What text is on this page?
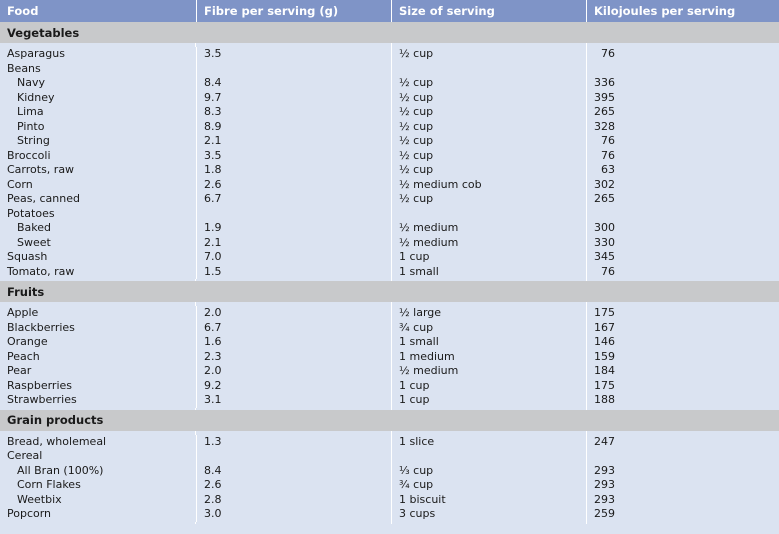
Food	Fibre per serving (g)	Size of serving	Kilojoules per serving
Vegetables
Asparagus	3.5	½ cup	76
Beans
Navy	8.4	½ cup	336
Kidney	9.7	½ cup	395
Lima	8.3	½ cup	265
Pinto	8.9	½ cup	328
String	2.1	½ cup	76
Broccoli	3.5	½ cup	76
Carrots, raw	1.8	½ cup	63
Corn	2.6	½ medium cob	302
Peas, canned	6.7	½ cup	265
Potatoes
Baked	1.9	½ medium	300
Sweet	2.1	½ medium	330
Squash	7.0	1 cup	345
Tomato, raw	1.5	1 small	76
Fruits
Apple	2.0	½ large	175
Blackberries	6.7	¾ cup	167
Orange	1.6	1 small	146
Peach	2.3	1 medium	159
Pear	2.0	½ medium	184
Raspberries	9.2	1 cup	175
Strawberries	3.1	1 cup	188
Grain products
Bread, wholemeal	1.3	1 slice	247
Cereal
All Bran (100%)	8.4	⅓ cup	293
Corn Flakes	2.6	¾ cup	293
Weetbix	2.8	1 biscuit	293
Popcorn	3.0	3 cups	259
